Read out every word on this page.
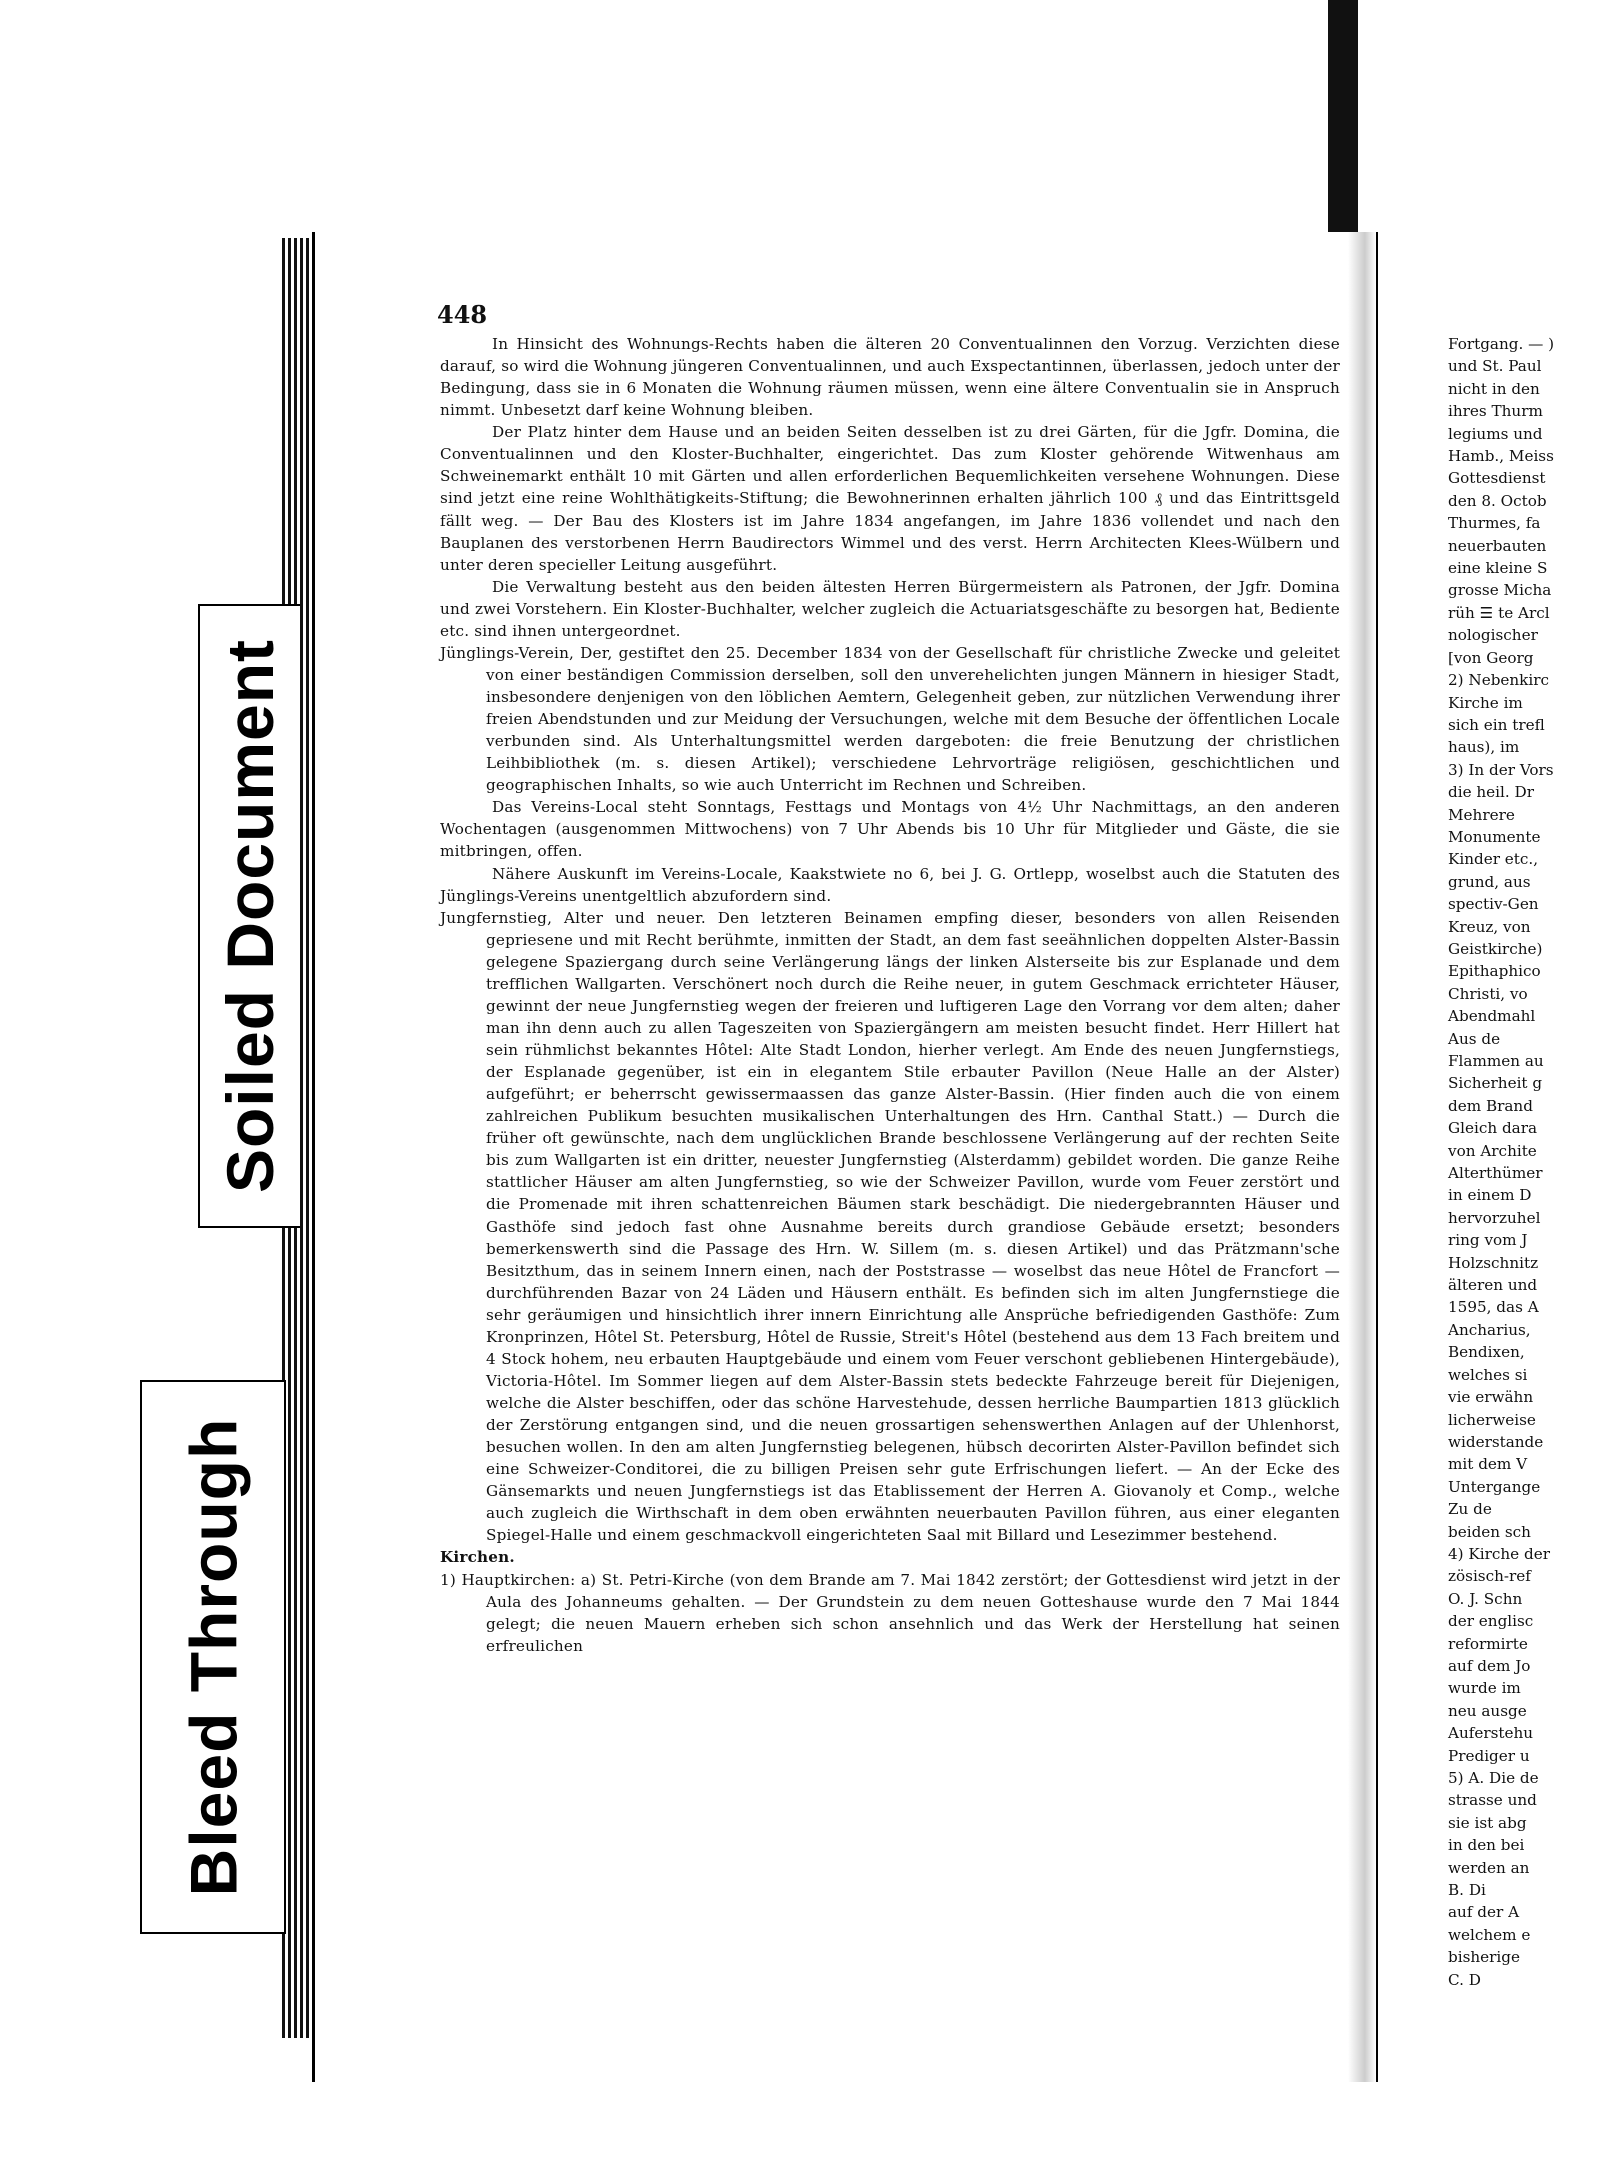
448

In Hinsicht des Wohnungs-Rechts haben die älteren 20 Conventualinnen den Vorzug. Verzichten diese darauf, so wird die Wohnung jüngeren Conventualinnen, und auch Exspectantinnen, überlassen, jedoch unter der Bedingung, dass sie in 6 Monaten die Wohnung räumen müssen, wenn eine ältere Conventualin sie in Anspruch nimmt. Unbesetzt darf keine Wohnung bleiben.

Der Platz hinter dem Hause und an beiden Seiten desselben ist zu drei Gärten, für die Jgfr. Domina, die Conventualinnen und den Kloster-Buchhalter, eingerichtet. Das zum Kloster gehörende Witwenhaus am Schweinemarkt enthält 10 mit Gärten und allen erforderlichen Bequemlichkeiten versehene Wohnungen. Diese sind jetzt eine reine Wohlthätigkeits-Stiftung; die Bewohnerinnen erhalten jährlich 100 ₰ und das Eintrittsgeld fällt weg. — Der Bau des Klosters ist im Jahre 1834 angefangen, im Jahre 1836 vollendet und nach den Bauplanen des verstorbenen Herrn Baudirectors Wimmel und des verst. Herrn Architecten Klees-Wülbern und unter deren specieller Leitung ausgeführt.

Die Verwaltung besteht aus den beiden ältesten Herren Bürgermeistern als Patronen, der Jgfr. Domina und zwei Vorstehern. Ein Kloster-Buchhalter, welcher zugleich die Actuariatsgeschäfte zu besorgen hat, Bediente etc. sind ihnen untergeordnet.

Jünglings-Verein, Der, gestiftet den 25. December 1834 von der Gesellschaft für christliche Zwecke und geleitet von einer beständigen Commission derselben, soll den unverehelichten jungen Männern in hiesiger Stadt, insbesondere denjenigen von den löblichen Aemtern, Gelegenheit geben, zur nützlichen Verwendung ihrer freien Abendstunden und zur Meidung der Versuchungen, welche mit dem Besuche der öffentlichen Locale verbunden sind. Als Unterhaltungsmittel werden dargeboten: die freie Benutzung der christlichen Leihbibliothek (m. s. diesen Artikel); verschiedene Lehrvorträge religiösen, geschichtlichen und geographischen Inhalts, so wie auch Unterricht im Rechnen und Schreiben.

Das Vereins-Local steht Sonntags, Festtags und Montags von 4½ Uhr Nachmittags, an den anderen Wochentagen (ausgenommen Mittwochens) von 7 Uhr Abends bis 10 Uhr für Mitglieder und Gäste, die sie mitbringen, offen.

Nähere Auskunft im Vereins-Locale, Kaakstwiete no 6, bei J. G. Ortlepp, woselbst auch die Statuten des Jünglings-Vereins unentgeltlich abzufordern sind.

Jungfernstieg, Alter und neuer. Den letzteren Beinamen empfing dieser, besonders von allen Reisenden gepriesene und mit Recht berühmte, inmitten der Stadt, an dem fast seeähnlichen doppelten Alster-Bassin gelegene Spaziergang durch seine Verlängerung längs der linken Alsterseite bis zur Esplanade und dem trefflichen Wallgarten. Verschönert noch durch die Reihe neuer, in gutem Geschmack errichteter Häuser, gewinnt der neue Jungfernstieg wegen der freieren und luftigeren Lage den Vorrang vor dem alten; daher man ihn denn auch zu allen Tageszeiten von Spaziergängern am meisten besucht findet. Herr Hillert hat sein rühmlichst bekanntes Hôtel: Alte Stadt London, hierher verlegt. Am Ende des neuen Jungfernstiegs, der Esplanade gegenüber, ist ein in elegantem Stile erbauter Pavillon (Neue Halle an der Alster) aufgeführt; er beherrscht gewissermaassen das ganze Alster-Bassin. (Hier finden auch die von einem zahlreichen Publikum besuchten musikalischen Unterhaltungen des Hrn. Canthal Statt.) — Durch die früher oft gewünschte, nach dem unglücklichen Brande beschlossene Verlängerung auf der rechten Seite bis zum Wallgarten ist ein dritter, neuester Jungfernstieg (Alsterdamm) gebildet worden. Die ganze Reihe stattlicher Häuser am alten Jungfernstieg, so wie der Schweizer Pavillon, wurde vom Feuer zerstört und die Promenade mit ihren schattenreichen Bäumen stark beschädigt. Die niedergebrannten Häuser und Gasthöfe sind jedoch fast ohne Ausnahme bereits durch grandiose Gebäude ersetzt; besonders bemerkenswerth sind die Passage des Hrn. W. Sillem (m. s. diesen Artikel) und das Prätzmann'sche Besitzthum, das in seinem Innern einen, nach der Poststrasse — woselbst das neue Hôtel de Francfort — durchführenden Bazar von 24 Läden und Häusern enthält. Es befinden sich im alten Jungfernstiege die sehr geräumigen und hinsichtlich ihrer innern Einrichtung alle Ansprüche befriedigenden Gasthöfe: Zum Kronprinzen, Hôtel St. Petersburg, Hôtel de Russie, Streit's Hôtel (bestehend aus dem 13 Fach breitem und 4 Stock hohem, neu erbauten Hauptgebäude und einem vom Feuer verschont gebliebenen Hintergebäude), Victoria-Hôtel. Im Sommer liegen auf dem Alster-Bassin stets bedeckte Fahrzeuge bereit für Diejenigen, welche die Alster beschiffen, oder das schöne Harvestehude, dessen herrliche Baumpartien 1813 glücklich der Zerstörung entgangen sind, und die neuen grossartigen sehenswerthen Anlagen auf der Uhlenhorst, besuchen wollen. In den am alten Jungfernstieg belegenen, hübsch decorirten Alster-Pavillon befindet sich eine Schweizer-Conditorei, die zu billigen Preisen sehr gute Erfrischungen liefert. — An der Ecke des Gänsemarkts und neuen Jungfernstiegs ist das Etablissement der Herren A. Giovanoly et Comp., welche auch zugleich die Wirthschaft in dem oben erwähnten neuerbauten Pavillon führen, aus einer eleganten Spiegel-Halle und einem geschmackvoll eingerichteten Saal mit Billard und Lesezimmer bestehend.

Kirchen.

1) Hauptkirchen: a) St. Petri-Kirche (von dem Brande am 7. Mai 1842 zerstört; der Gottesdienst wird jetzt in der Aula des Johanneums gehalten. — Der Grundstein zu dem neuen Gotteshause wurde den 7 Mai 1844 gelegt; die neuen Mauern erheben sich schon ansehnlich und das Werk der Herstellung hat seinen erfreulichen

Fortgang. — )

und St. Paul

nicht in den

ihres Thurm

legiums und

Hamb., Meiss

Gottesdienst

den 8. Octob

Thurmes, fa

neuerbauten

eine kleine S

grosse Micha

rüh ☰ te Arcl

nologischer

[von Georg

2) Nebenkirc

Kirche im

sich ein trefl

haus), im

3) In der Vors

die heil. Dr

Mehrere

Monumente

Kinder etc.,

grund, aus

spectiv-Gen

Kreuz, von

Geistkirche)

Epithaphico

Christi, vo

Abendmahl

Aus de

Flammen au

Sicherheit g

dem Brand

Gleich dara

von Archite

Alterthümer

in einem D

hervorzuhel

ring vom J

Holzschnitz

älteren und

1595, das A

Ancharius,

Bendixen,

welches si

vie erwähn

licherweise

widerstande

mit dem V

Untergange

Zu de

beiden sch

4) Kirche der

zösisch-ref

O. J. Schn

der englisc

reformirte

auf dem Jo

wurde im

neu ausge

Auferstehu

Prediger u

5) A. Die de

strasse und

sie ist abg

in den bei

werden an

B. Di

auf der A

welchem e

bisherige

C. D

Soiled Document
Bleed Through
